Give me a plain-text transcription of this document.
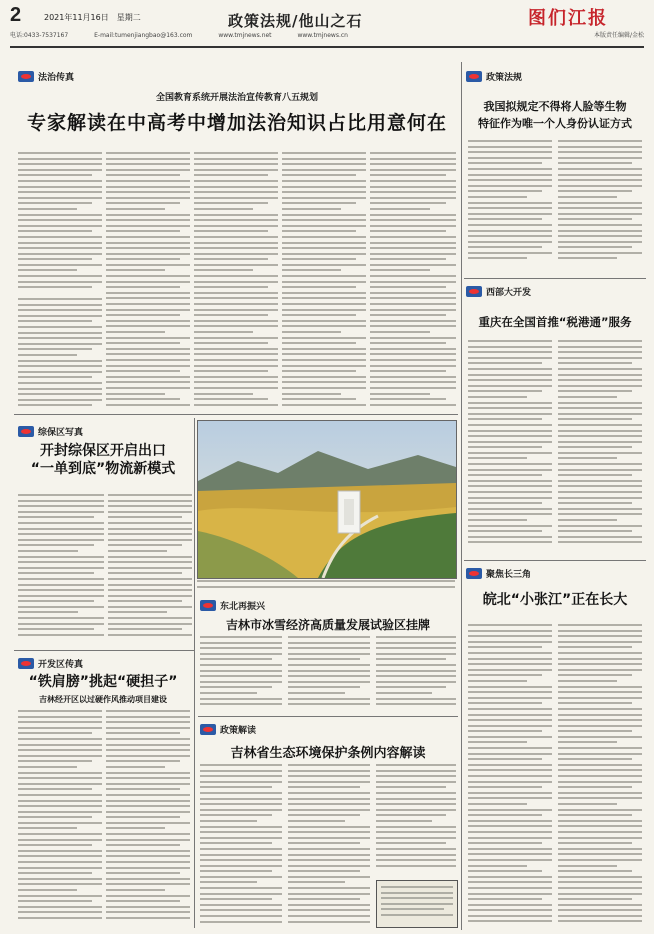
2	2021年11月16日　星期二	政策法规/他山之石	图们江报
电话:0433-7537167	E-mail:tumenjiangbao@163.com	www.tmjnews.net	www.tmjnews.cn	本版责任编辑/金松
法治传真
全国教育系统开展法治宣传教育八五规划
专家解读在中高考中增加法治知识占比用意何在
综保区写真
开封综保区开启出口
“一单到底”物流新模式
开发区传真
“铁肩膀”挑起“硬担子”
吉林经开区以过硬作风推动项目建设
东北再振兴
吉林市冰雪经济高质量发展试验区挂牌
政策解读
吉林省生态环境保护条例内容解读
政策法规
我国拟规定不得将人脸等生物
特征作为唯一个人身份认证方式
西部大开发
重庆在全国首推“税港通”服务
聚焦长三角
皖北“小张江”正在长大
